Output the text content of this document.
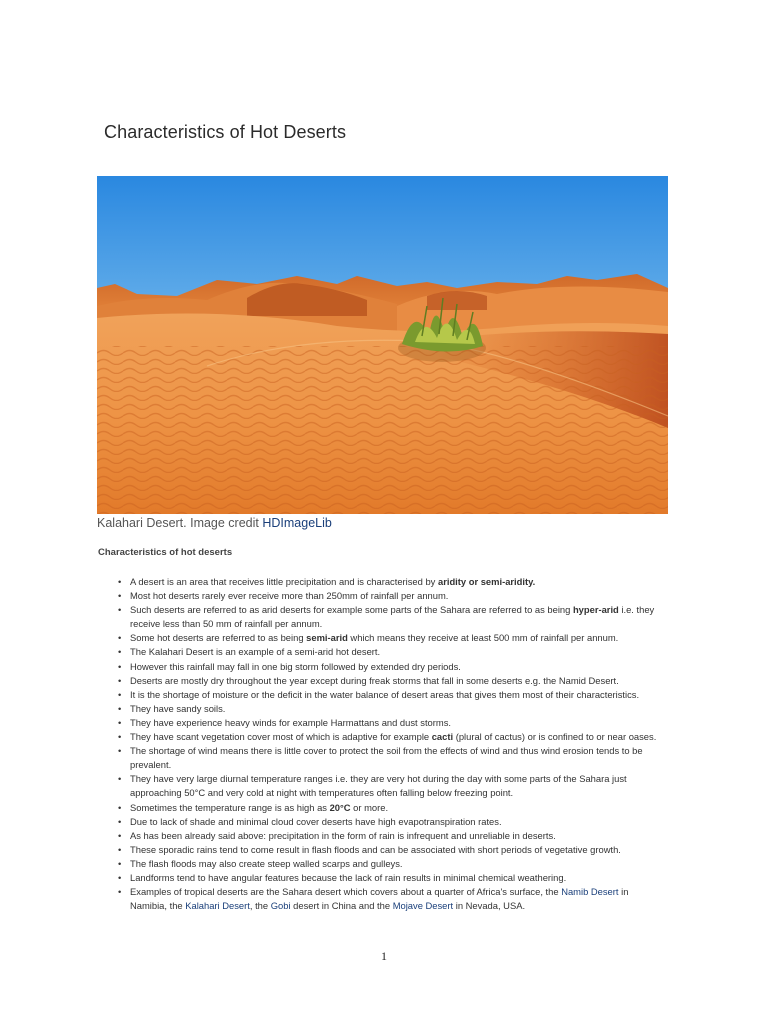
Characteristics of Hot Deserts
Kalahari Desert. Image credit HDImageLib
Characteristics of hot deserts
• A desert is an area that receives little precipitation and is characterised by aridity or semi-aridity.
• Most hot deserts rarely ever receive more than 250mm of rainfall per annum.
• Such deserts are referred to as arid deserts for example some parts of the Sahara are referred to as being hyper-arid i.e. they receive less than 50 mm of rainfall per annum.
• Some hot deserts are referred to as being semi-arid which means they receive at least 500 mm of rainfall per annum.
• The Kalahari Desert is an example of a semi-arid hot desert.
• However this rainfall may fall in one big storm followed by extended dry periods.
• Deserts are mostly dry throughout the year except during freak storms that fall in some deserts e.g. the Namid Desert.
• It is the shortage of moisture or the deficit in the water balance of desert areas that gives them most of their characteristics.
• They have sandy soils.
• They have experience heavy winds for example Harmattans and dust storms.
• They have scant vegetation cover most of which is adaptive for example cacti (plural of cactus) or is confined to or near oases.
• The shortage of wind means there is little cover to protect the soil from the effects of wind and thus wind erosion tends to be prevalent.
• They have very large diurnal temperature ranges i.e. they are very hot during the day with some parts of the Sahara just approaching 50°C and very cold at night with temperatures often falling below freezing point.
• Sometimes the temperature range is as high as 20°C or more.
• Due to lack of shade and minimal cloud cover deserts have high evapotranspiration rates.
• As has been already said above: precipitation in the form of rain is infrequent and unreliable in deserts.
• These sporadic rains tend to come result in flash floods and can be associated with short periods of vegetative growth.
• The flash floods may also create steep walled scarps and gulleys.
• Landforms tend to have angular features because the lack of rain results in minimal chemical weathering.
• Examples of tropical deserts are the Sahara desert which covers about a quarter of Africa's surface, the Namib Desert in Namibia, the Kalahari Desert, the Gobi desert in China and the Mojave Desert in Nevada, USA.
1
